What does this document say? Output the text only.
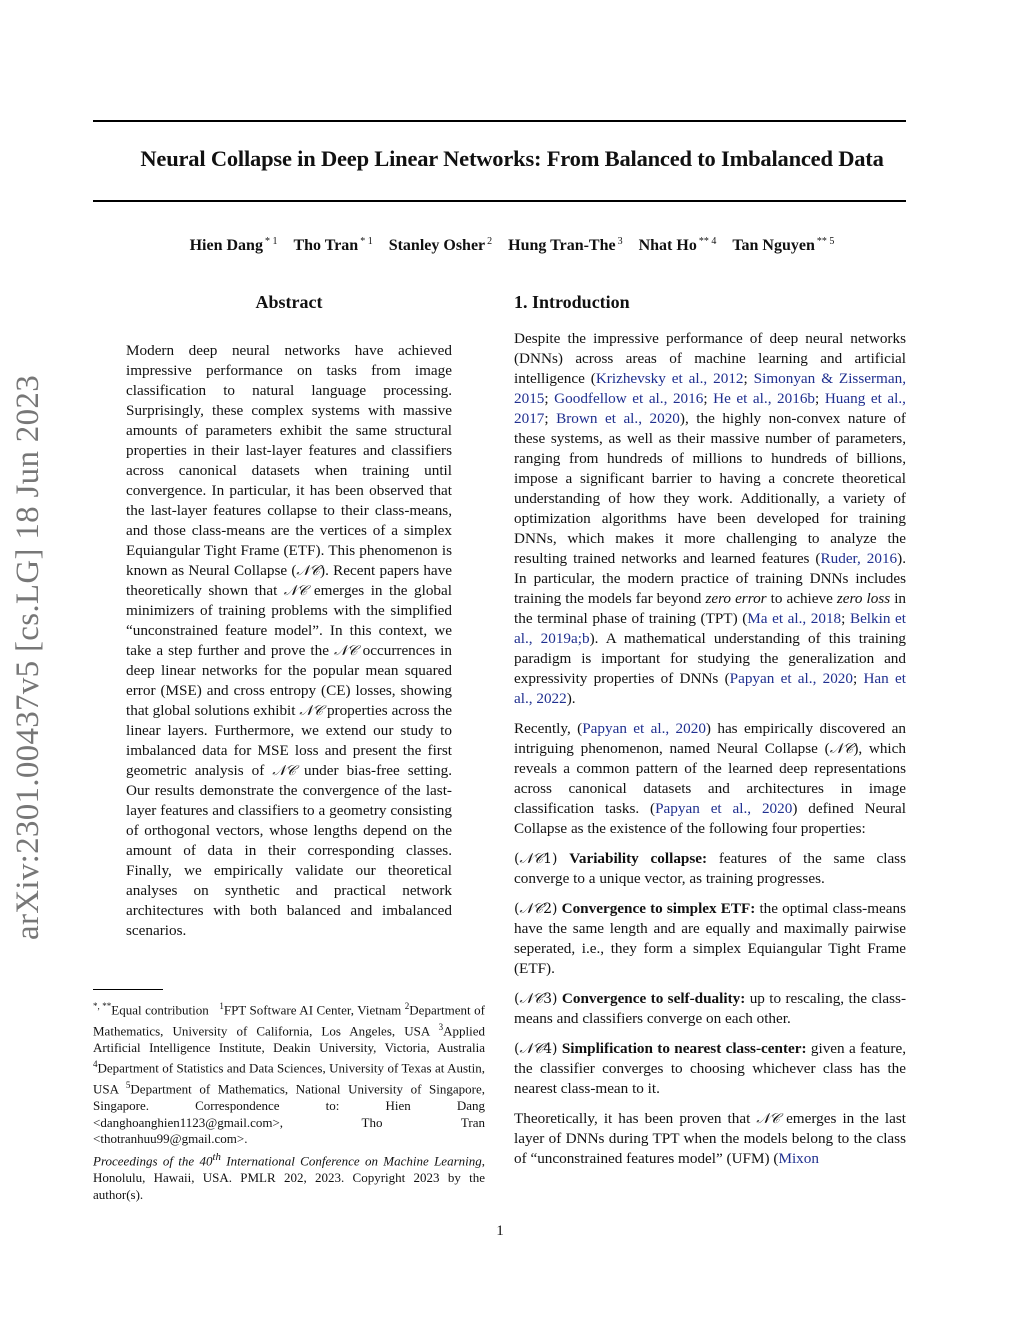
Neural Collapse in Deep Linear Networks: From Balanced to Imbalanced Data
Hien Dang $^{* 1}$ Tho Tran $^{* 1}$ Stanley Osher $^2$ Hung Tran-The $^3$ Nhat Ho $^{** 4}$ Tan Nguyen $^{** 5}$
arXiv:2301.00437v5 [cs.LG] 18 Jun 2023
Abstract
Modern deep neural networks have achieved impressive performance on tasks from image classification to natural language processing. Surprisingly, these complex systems with massive amounts of parameters exhibit the same structural properties in their last-layer features and classifiers across canonical datasets when training until convergence. In particular, it has been observed that the last-layer features collapse to their class-means, and those class-means are the vertices of a simplex Equiangular Tight Frame (ETF). This phenomenon is known as Neural Collapse (𝒩𝒞). Recent papers have theoretically shown that 𝒩𝒞 emerges in the global minimizers of training problems with the simplified “unconstrained feature model”. In this context, we take a step further and prove the 𝒩𝒞 occurrences in deep linear networks for the popular mean squared error (MSE) and cross entropy (CE) losses, showing that global solutions exhibit 𝒩𝒞 properties across the linear layers. Furthermore, we extend our study to imbalanced data for MSE loss and present the first geometric analysis of 𝒩𝒞 under bias-free setting. Our results demonstrate the convergence of the last-layer features and classifiers to a geometry consisting of orthogonal vectors, whose lengths depend on the amount of data in their corresponding classes. Finally, we empirically validate our theoretical analyses on synthetic and practical network architectures with both balanced and imbalanced scenarios.
*, **Equal contribution $^1$FPT Software AI Center, Vietnam $^2$Department of Mathematics, University of California, Los Angeles, USA $^3$Applied Artificial Intelligence Institute, Deakin University, Victoria, Australia $^4$Department of Statistics and Data Sciences, University of Texas at Austin, USA $^5$Department of Mathematics, National University of Singapore, Singapore. Correspondence to: Hien Dang <danghoanghien1123@gmail.com>, Tho Tran <thotranhuu99@gmail.com>.
Proceedings of the 40th International Conference on Machine Learning, Honolulu, Hawaii, USA. PMLR 202, 2023. Copyright 2023 by the author(s).
1. Introduction

Despite the impressive performance of deep neural networks (DNNs) across areas of machine learning and artificial intelligence (Krizhevsky et al., 2012; Simonyan & Zisserman, 2015; Goodfellow et al., 2016; He et al., 2016b; Huang et al., 2017; Brown et al., 2020), the highly non-convex nature of these systems, as well as their massive number of parameters, ranging from hundreds of millions to hundreds of billions, impose a significant barrier to having a concrete theoretical understanding of how they work. Additionally, a variety of optimization algorithms have been developed for training DNNs, which makes it more challenging to analyze the resulting trained networks and learned features (Ruder, 2016). In particular, the modern practice of training DNNs includes training the models far beyond zero error to achieve zero loss in the terminal phase of training (TPT) (Ma et al., 2018; Belkin et al., 2019a;b). A mathematical understanding of this training paradigm is important for studying the generalization and expressivity properties of DNNs (Papyan et al., 2020; Han et al., 2022).

Recently, (Papyan et al., 2020) has empirically discovered an intriguing phenomenon, named Neural Collapse (𝒩𝒞), which reveals a common pattern of the learned deep representations across canonical datasets and architectures in image classification tasks. (Papyan et al., 2020) defined Neural Collapse as the existence of the following four properties:

(𝒩𝒞1) Variability collapse: features of the same class converge to a unique vector, as training progresses.

(𝒩𝒞2) Convergence to simplex ETF: the optimal class-means have the same length and are equally and maximally pairwise seperated, i.e., they form a simplex Equiangular Tight Frame (ETF).

(𝒩𝒞3) Convergence to self-duality: up to rescaling, the class-means and classifiers converge on each other.

(𝒩𝒞4) Simplification to nearest class-center: given a feature, the classifier converges to choosing whichever class has the nearest class-mean to it.

Theoretically, it has been proven that 𝒩𝒞 emerges in the last layer of DNNs during TPT when the models belong to the class of “unconstrained features model” (UFM) (Mixon

1
